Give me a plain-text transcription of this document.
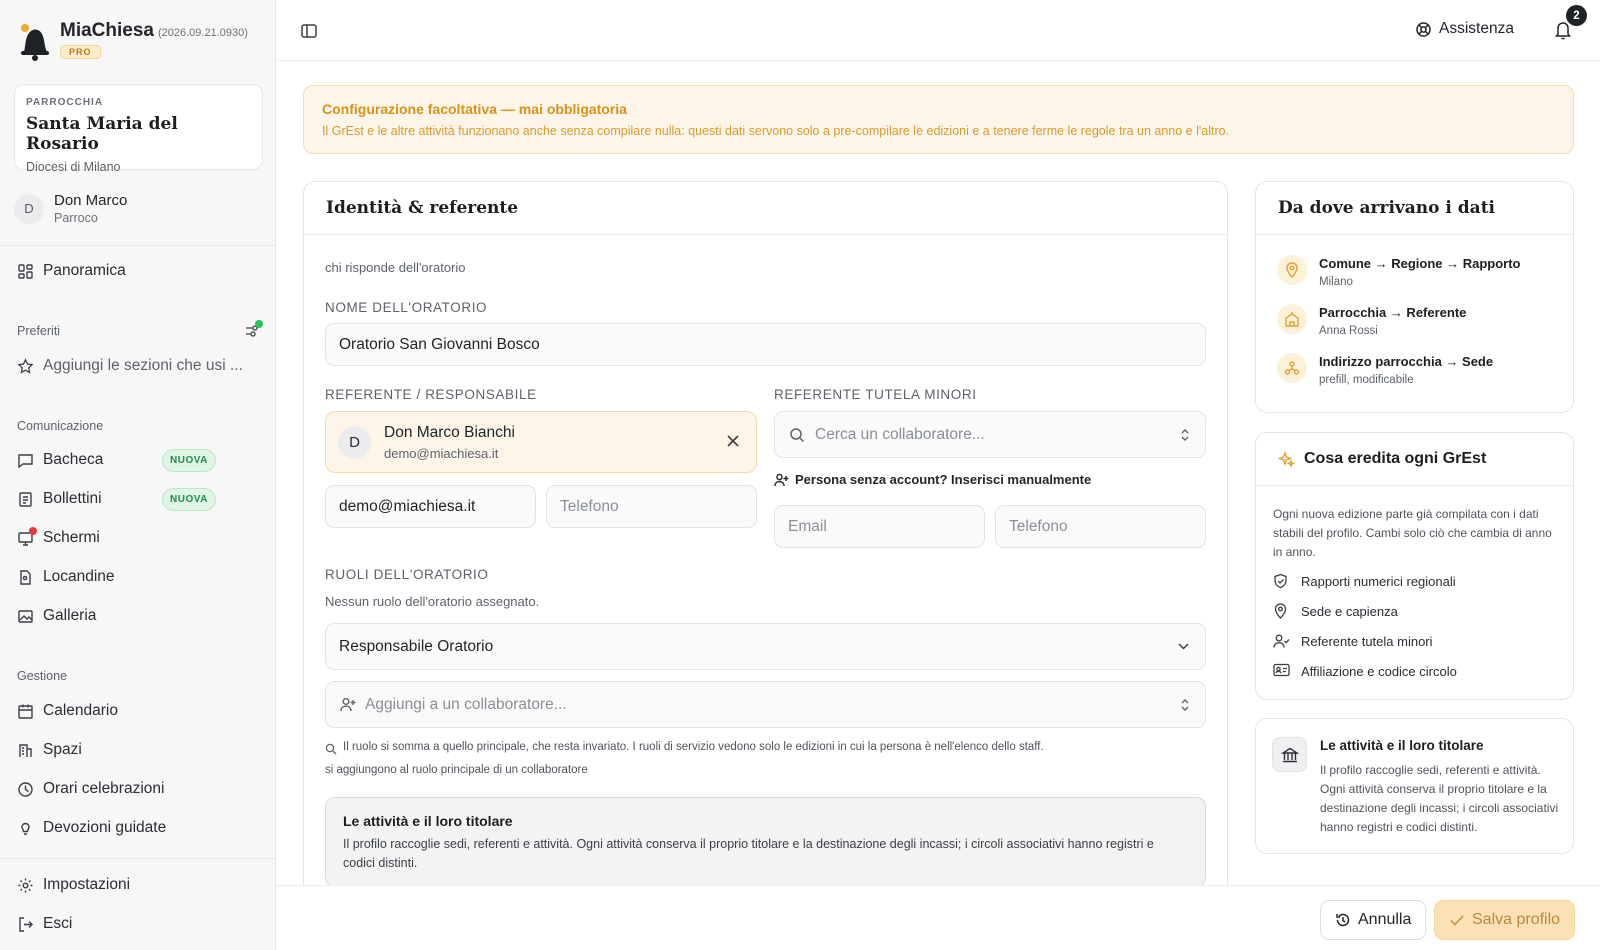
MiaChiesa (2026.09.21.0930)
PRO
PARROCCHIA
Santa Maria del Rosario
Diocesi di Milano
D	Don Marco
Parroco
Panoramica
Preferiti
Aggiungi le sezioni che usi ...
Comunicazione
Bacheca	NUOVA
Bollettini	NUOVA
Schermi
Locandine
Galleria
Gestione
Calendario
Spazi
Orari celebrazioni
Devozioni guidate
Impostazioni
Esci
Assistenza
2
Configurazione facoltativa — mai obbligatoria
Il GrEst e le altre attività funzionano anche senza compilare nulla: questi dati servono solo a pre-compilare le edizioni e a tenere ferme le regole tra un anno e l'altro.
Identità & referente
chi risponde dell'oratorio
NOME DELL'ORATORIO
Oratorio San Giovanni Bosco
REFERENTE / RESPONSABILE
D
Don Marco Bianchi
demo@miachiesa.it
demo@miachiesa.it	Telefono
REFERENTE TUTELA MINORI
Cerca un collaboratore...
Persona senza account? Inserisci manualmente
Email	Telefono
RUOLI DELL'ORATORIO
Nessun ruolo dell'oratorio assegnato.
Responsabile Oratorio
Aggiungi a un collaboratore...
Il ruolo si somma a quello principale, che resta invariato. I ruoli di servizio vedono solo le edizioni in cui la persona è nell'elenco dello staff.
si aggiungono al ruolo principale di un collaboratore
Le attività e il loro titolare
Il profilo raccoglie sedi, referenti e attività. Ogni attività conserva il proprio titolare e la destinazione degli incassi; i circoli associativi hanno registri e codici distinti.
Da dove arrivano i dati
Comune → Regione → Rapporto
Milano
Parrocchia → Referente
Anna Rossi
Indirizzo parrocchia → Sede
prefill, modificabile
Cosa eredita ogni GrEst
Ogni nuova edizione parte già compilata con i dati stabili del profilo. Cambi solo ciò che cambia di anno in anno.
Rapporti numerici regionali
Sede e capienza
Referente tutela minori
Affiliazione e codice circolo
Le attività e il loro titolare
Il profilo raccoglie sedi, referenti e attività. Ogni attività conserva il proprio titolare e la destinazione degli incassi; i circoli associativi hanno registri e codici distinti.
Annulla	Salva profilo
